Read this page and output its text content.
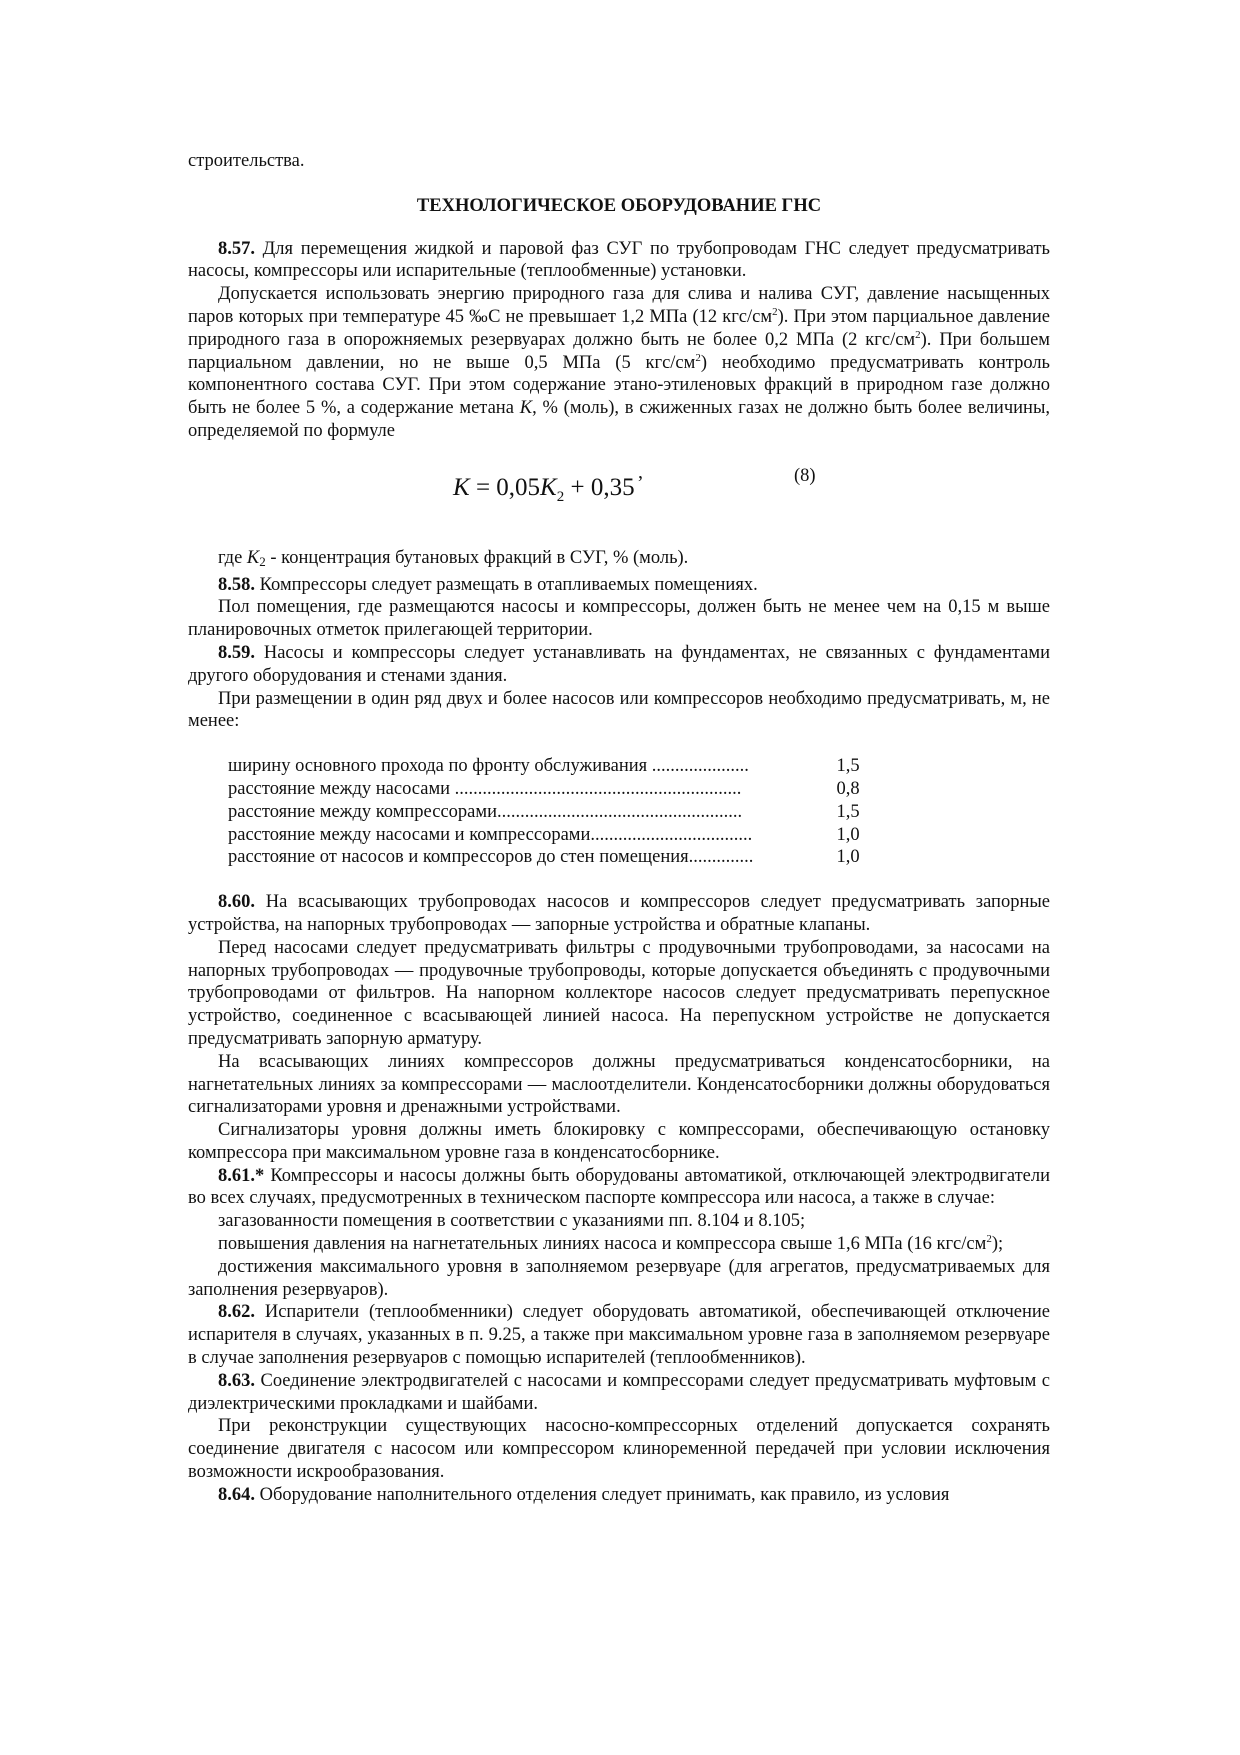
строительства.

ТЕХНОЛОГИЧЕСКОЕ ОБОРУДОВАНИЕ ГНС

8.57. Для перемещения жидкой и паровой фаз СУГ по трубопроводам ГНС следует предусматривать насосы, компрессоры или испарительные (теплообменные) установки.

Допускается использовать энергию природного газа для слива и налива СУГ, давление насыщенных паров которых при температуре 45 ‰С не превышает 1,2 МПа (12 кгс/$см^2$). При этом парциальное давление природного газа в опорожняемых резервуарах должно быть не более 0,2 МПа (2 кгс/$см^2$). При большем парциальном давлении, но не выше 0,5 МПа (5 кгс/$см^2$) необходимо предусматривать контроль компонентного состава СУГ. При этом содержание этано-этиленовых фракций в природном газе должно быть не более 5 %, а содержание метана K, % (моль), в сжиженных газах не должно быть более величины, определяемой по формуле

$K = 0,05K_2 + 0,35$
,	(8)

где $K_2$ - концентрация бутановых фракций в СУГ, % (моль).

8.58. Компрессоры следует размещать в отапливаемых помещениях.

Пол помещения, где размещаются насосы и компрессоры, должен быть не менее чем на 0,15 м выше планировочных отметок прилегающей территории.

8.59. Насосы и компрессоры следует устанавливать на фундаментах, не связанных с фундаментами другого оборудования и стенами здания.

При размещении в один ряд двух и более насосов или компрессоров необходимо предусматривать, м, не менее:

ширину основного прохода по фронту обслуживания .....................	1,5
расстояние между насосами ..............................................................	0,8
расстояние между компрессорами.....................................................	1,5
расстояние между насосами и компрессорами...................................	1,0
расстояние от насосов и компрессоров до стен помещения..............	1,0

8.60. На всасывающих трубопроводах насосов и компрессоров следует предусматривать запорные устройства, на напорных трубопроводах — запорные устройства и обратные клапаны.

Перед насосами следует предусматривать фильтры с продувочными трубопроводами, за насосами на напорных трубопроводах — продувочные трубопроводы, которые допускается объединять с продувочными трубопроводами от фильтров. На напорном коллекторе насосов следует предусматривать перепускное устройство, соединенное с всасывающей линией насоса. На перепускном устройстве не допускается предусматривать запорную арматуру.

На всасывающих линиях компрессоров должны предусматриваться конденсатосборники, на нагнетательных линиях за компрессорами — маслоотделители. Конденсатосборники должны оборудоваться сигнализаторами уровня и дренажными устройствами.

Сигнализаторы уровня должны иметь блокировку с компрессорами, обеспечивающую остановку компрессора при максимальном уровне газа в конденсатосборнике.

8.61.* Компрессоры и насосы должны быть оборудованы автоматикой, отключающей электродвигатели во всех случаях, предусмотренных в техническом паспорте компрессора или насоса, а также в случае:

загазованности помещения в соответствии с указаниями пп. 8.104 и 8.105;

повышения давления на нагнетательных линиях насоса и компрессора свыше 1,6 МПа (16 кгс/$см^2$);

достижения максимального уровня в заполняемом резервуаре (для агрегатов, предусматриваемых для заполнения резервуаров).

8.62. Испарители (теплообменники) следует оборудовать автоматикой, обеспечивающей отключение испарителя в случаях, указанных в п. 9.25, а также при максимальном уровне газа в заполняемом резервуаре в случае заполнения резервуаров с помощью испарителей (теплообменников).

8.63. Соединение электродвигателей с насосами и компрессорами следует предусматривать муфтовым с диэлектрическими прокладками и шайбами.

При реконструкции существующих насосно-компрессорных отделений допускается сохранять соединение двигателя с насосом или компрессором клиноременной передачей при условии исключения возможности искрообразования.

8.64. Оборудование наполнительного отделения следует принимать, как правило, из условия
